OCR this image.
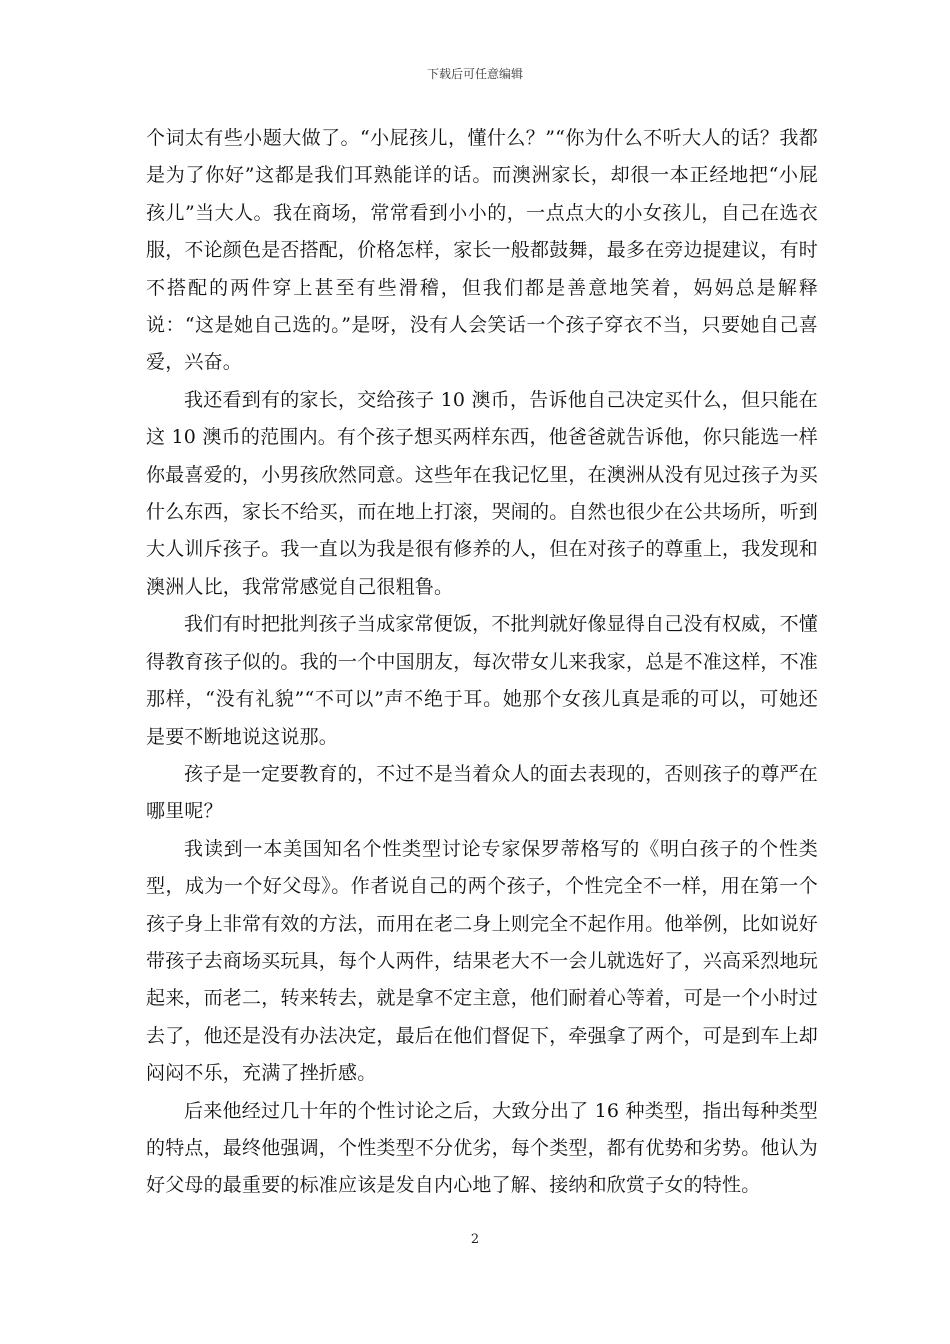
下载后可任意编辑

个词太有些小题大做了。“小屁孩儿，懂什么？”“你为什么不听大人的话？我都是为了你好”这都是我们耳熟能详的话。而澳洲家长，却很一本正经地把“小屁孩儿”当大人。我在商场，常常看到小小的，一点点大的小女孩儿，自己在选衣服，不论颜色是否搭配，价格怎样，家长一般都鼓舞，最多在旁边提建议，有时不搭配的两件穿上甚至有些滑稽，但我们都是善意地笑着，妈妈总是解释说：“这是她自己选的。”是呀，没有人会笑话一个孩子穿衣不当，只要她自己喜爱，兴奋。

我还看到有的家长，交给孩子 10 澳币，告诉他自己决定买什么，但只能在这 10 澳币的范围内。有个孩子想买两样东西，他爸爸就告诉他，你只能选一样你最喜爱的，小男孩欣然同意。这些年在我记忆里，在澳洲从没有见过孩子为买什么东西，家长不给买，而在地上打滚，哭闹的。自然也很少在公共场所，听到大人训斥孩子。我一直以为我是很有修养的人，但在对孩子的尊重上，我发现和澳洲人比，我常常感觉自己很粗鲁。

我们有时把批判孩子当成家常便饭，不批判就好像显得自己没有权威，不懂得教育孩子似的。我的一个中国朋友，每次带女儿来我家，总是不准这样，不准那样，“没有礼貌”“不可以”声不绝于耳。她那个女孩儿真是乖的可以，可她还是要不断地说这说那。

孩子是一定要教育的，不过不是当着众人的面去表现的，否则孩子的尊严在哪里呢？

我读到一本美国知名个性类型讨论专家保罗蒂格写的《明白孩子的个性类型，成为一个好父母》。作者说自己的两个孩子，个性完全不一样，用在第一个孩子身上非常有效的方法，而用在老二身上则完全不起作用。他举例，比如说好带孩子去商场买玩具，每个人两件，结果老大不一会儿就选好了，兴高采烈地玩起来，而老二，转来转去，就是拿不定主意，他们耐着心等着，可是一个小时过去了，他还是没有办法决定，最后在他们督促下，牵强拿了两个，可是到车上却闷闷不乐，充满了挫折感。

后来他经过几十年的个性讨论之后，大致分出了 16 种类型，指出每种类型的特点，最终他强调，个性类型不分优劣，每个类型，都有优势和劣势。他认为好父母的最重要的标准应该是发自内心地了解、接纳和欣赏子女的特性。

2
